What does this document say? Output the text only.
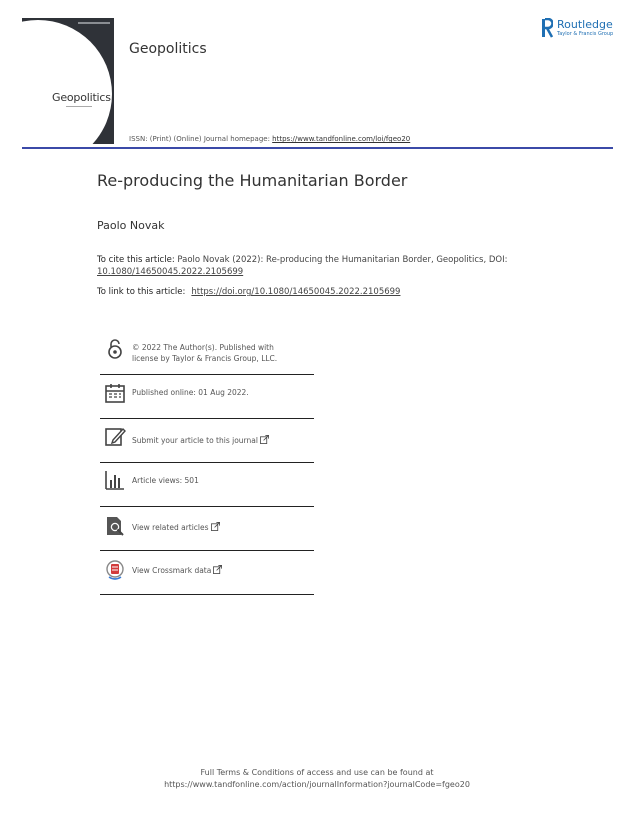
Geopolitics
Geopolitics
ISSN: (Print) (Online) Journal homepage: https://www.tandfonline.com/loi/fgeo20
Routledge
Taylor & Francis Group
Re-producing the Humanitarian Border
Paolo Novak
To cite this article: Paolo Novak (2022): Re-producing the Humanitarian Border, Geopolitics, DOI: 10.1080/14650045.2022.2105699
To link to this article: https://doi.org/10.1080/14650045.2022.2105699
© 2022 The Author(s). Published with
license by Taylor & Francis Group, LLC.
Published online: 01 Aug 2022.
Submit your article to this journal
Article views: 501
View related articles
View Crossmark data
Full Terms & Conditions of access and use can be found at
https://www.tandfonline.com/action/journalInformation?journalCode=fgeo20
